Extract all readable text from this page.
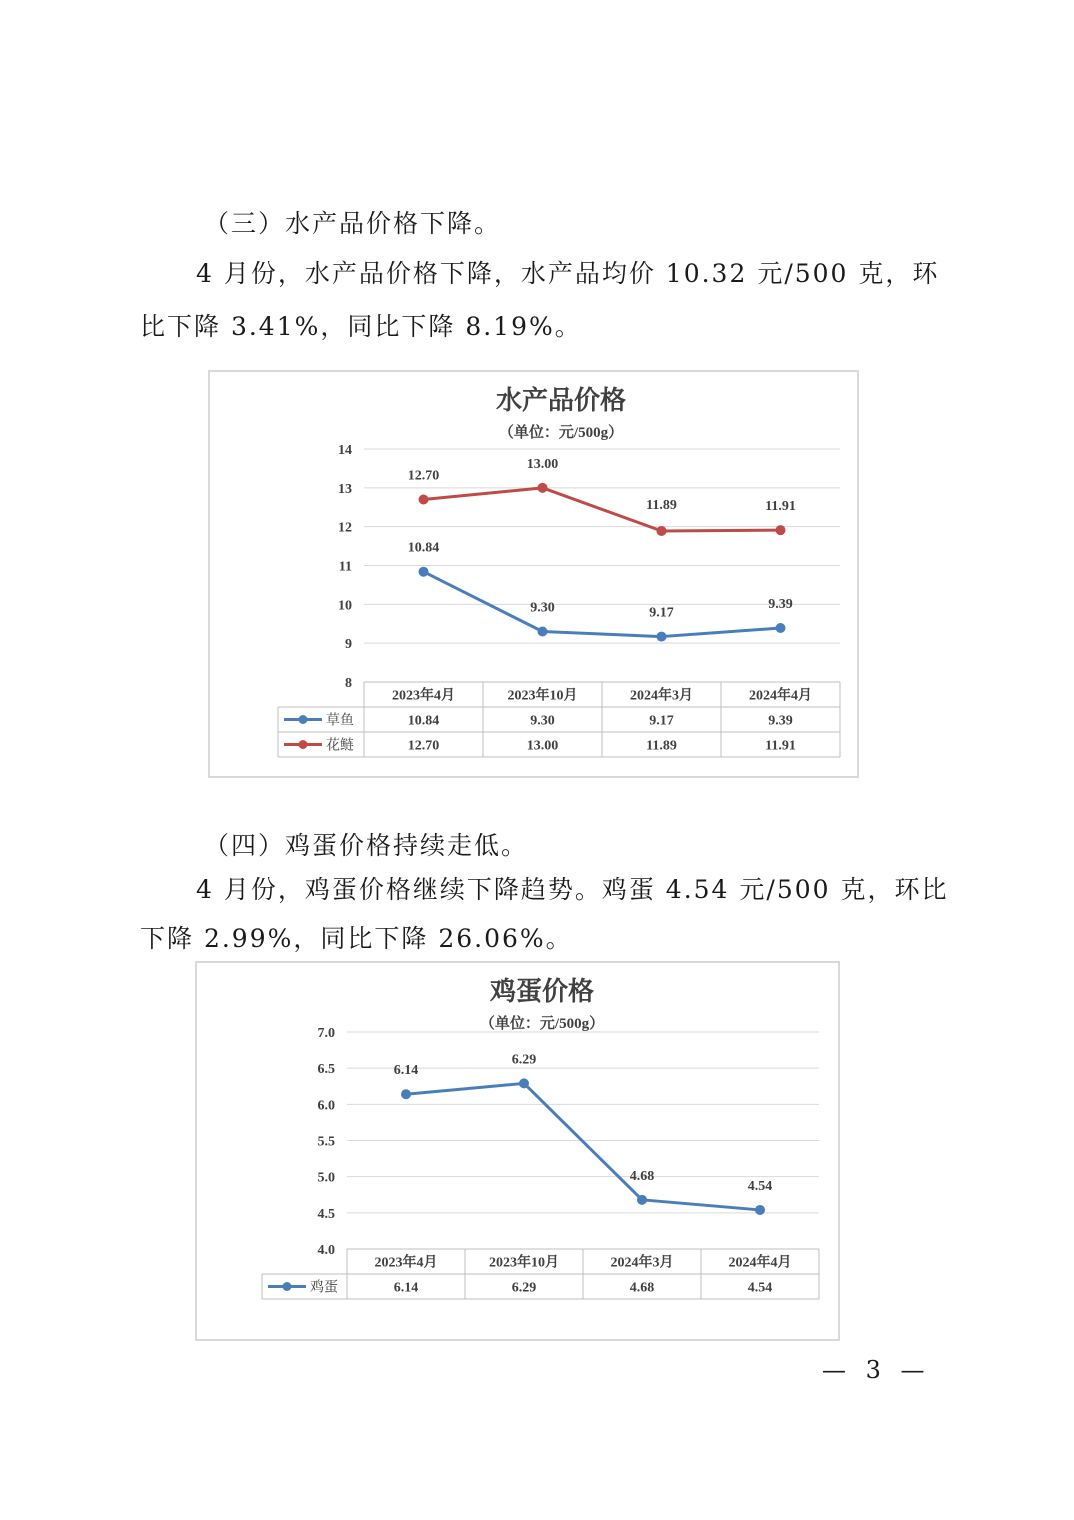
（三）水产品价格下降。

4 月份，水产品价格下降，水产品均价 10.32 元/500 克，环

比下降 3.41%，同比下降 8.19%。

水产品价格
（单位：元/500g）
8
9
10
11
12
13
14
2023年4月	2023年10月	2024年3月	2024年4月
草鱼	10.84	9.30	9.17	9.39
10.84
9.30	9.17
9.39
花鲢	12.70	13.00	11.89	11.91
12.70
13.00
11.89	11.91

（四）鸡蛋价格持续走低。

4 月份，鸡蛋价格继续下降趋势。鸡蛋 4.54 元/500 克，环比

下降 2.99%，同比下降 26.06%。

鸡蛋价格
（单位：元/500g）
4.0
4.5
5.0
5.5
6.0
6.5
7.0
2023年4月	2023年10月	2024年3月	2024年4月
鸡蛋	6.14	6.29	4.68	4.54
6.14
6.29
4.68
4.54
— 3 —
